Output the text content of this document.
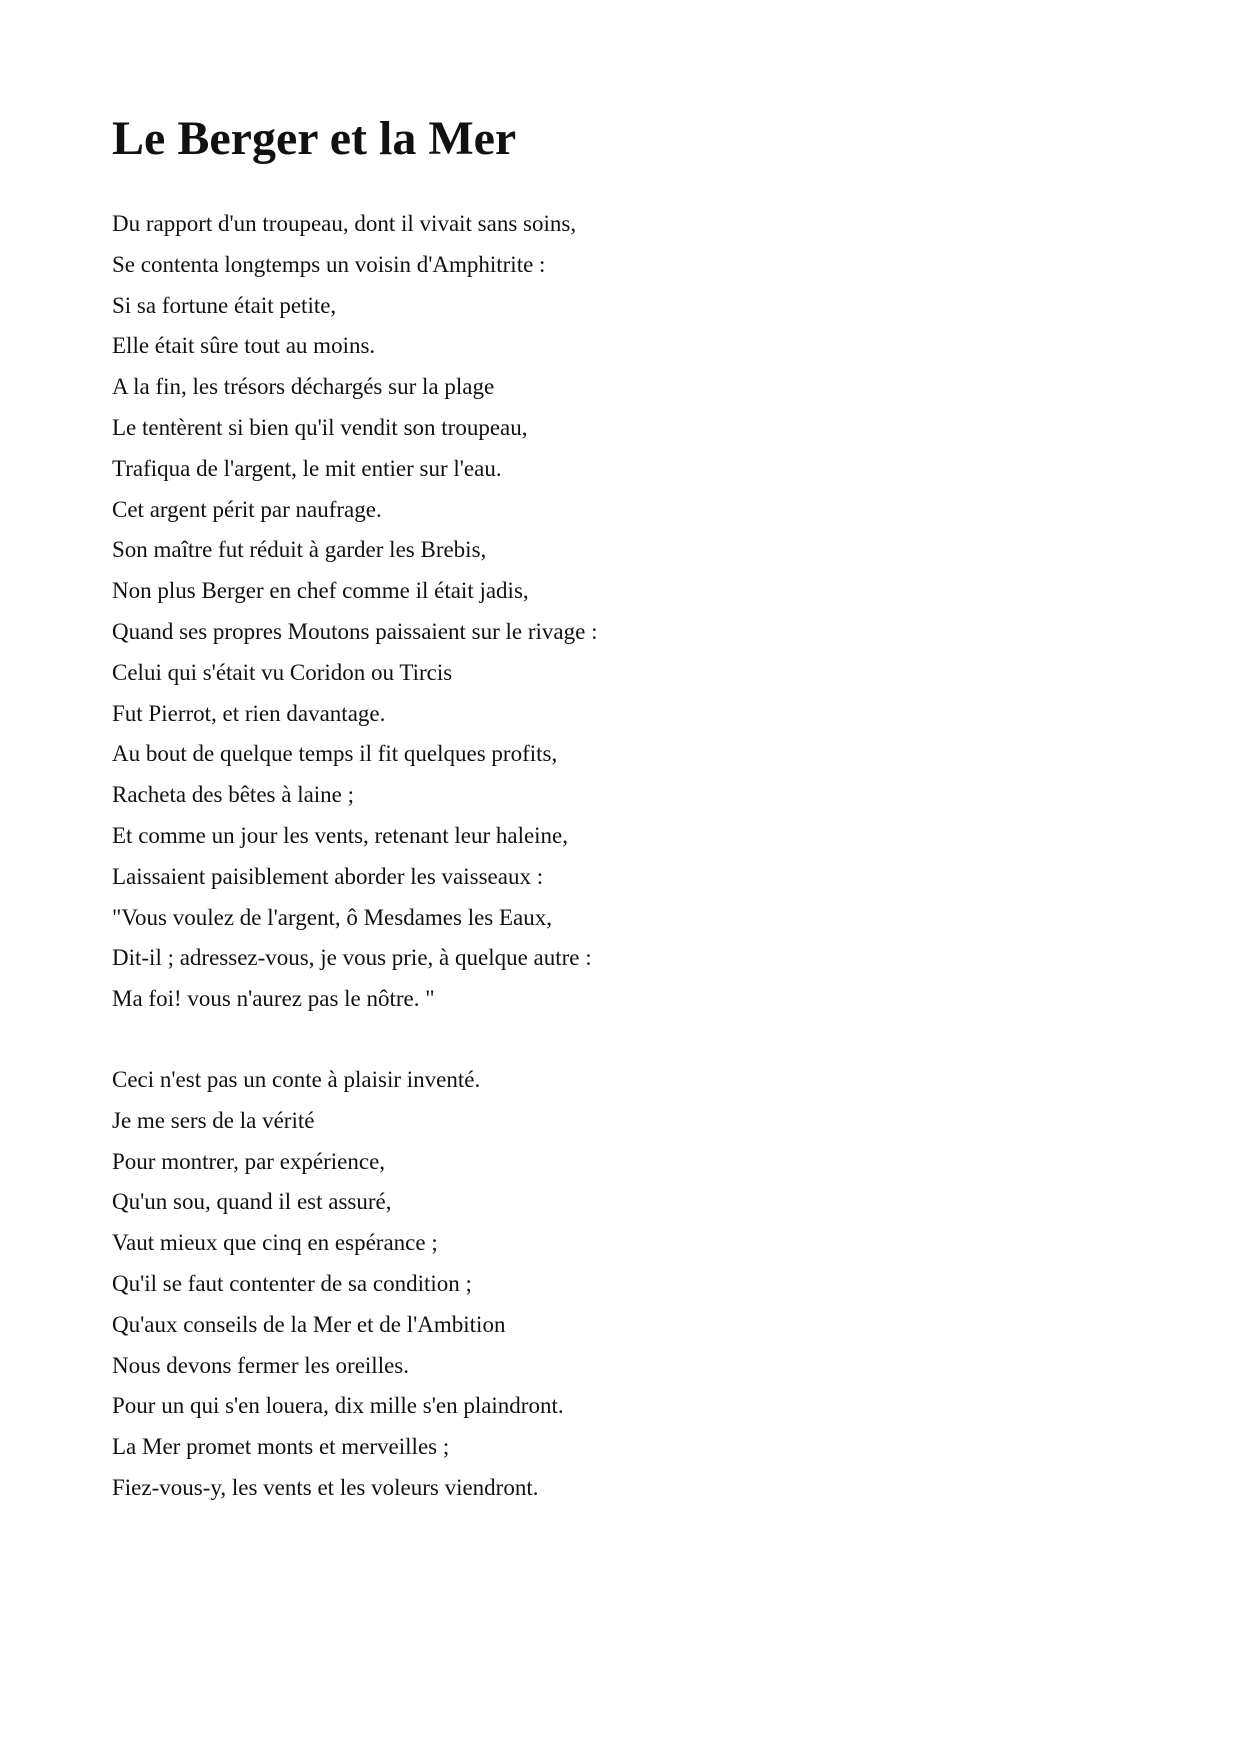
Le Berger et la Mer
Du rapport d'un troupeau, dont il vivait sans soins,
Se contenta longtemps un voisin d'Amphitrite :
Si sa fortune était petite,
Elle était sûre tout au moins.
A la fin, les trésors déchargés sur la plage
Le tentèrent si bien qu'il vendit son troupeau,
Trafiqua de l'argent, le mit entier sur l'eau.
Cet argent périt par naufrage.
Son maître fut réduit à garder les Brebis,
Non plus Berger en chef comme il était jadis,
Quand ses propres Moutons paissaient sur le rivage :
Celui qui s'était vu Coridon ou Tircis
Fut Pierrot, et rien davantage.
Au bout de quelque temps il fit quelques profits,
Racheta des bêtes à laine ;
Et comme un jour les vents, retenant leur haleine,
Laissaient paisiblement aborder les vaisseaux :
"Vous voulez de l'argent, ô Mesdames les Eaux,
Dit-il ; adressez-vous, je vous prie, à quelque autre :
Ma foi! vous n'aurez pas le nôtre. "
Ceci n'est pas un conte à plaisir inventé.
Je me sers de la vérité
Pour montrer, par expérience,
Qu'un sou, quand il est assuré,
Vaut mieux que cinq en espérance ;
Qu'il se faut contenter de sa condition ;
Qu'aux conseils de la Mer et de l'Ambition
Nous devons fermer les oreilles.
Pour un qui s'en louera, dix mille s'en plaindront.
La Mer promet monts et merveilles ;
Fiez-vous-y, les vents et les voleurs viendront.
